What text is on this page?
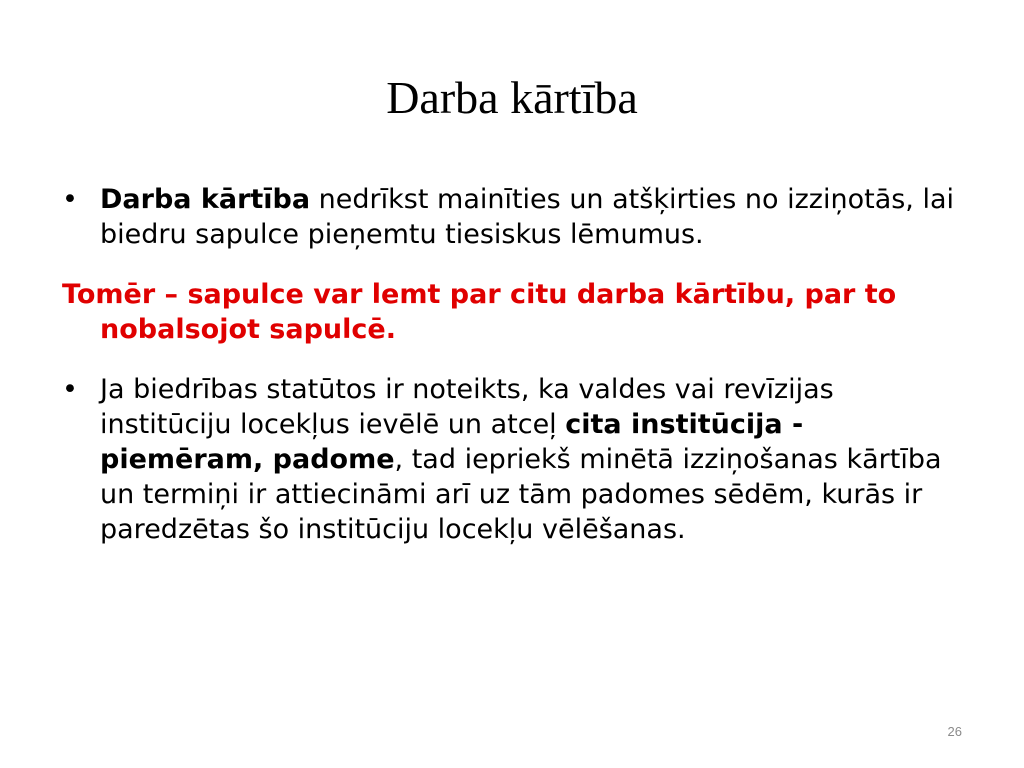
Darba kārtība

• Darba kārtība nedrīkst mainīties un atšķirties no izziņotās, lai biedru sapulce pieņemtu tiesiskus lēmumus.

Tomēr – sapulce var lemt par citu darba kārtību, par to nobalsojot sapulcē.

• Ja biedrības statūtos ir noteikts, ka valdes vai revīzijas institūciju locekļus ievēlē un atceļ cita institūcija - piemēram, padome, tad iepriekš minētā izziņošanas kārtība un termiņi ir attiecināmi arī uz tām padomes sēdēm, kurās ir paredzētas šo institūciju locekļu vēlēšanas.

26
